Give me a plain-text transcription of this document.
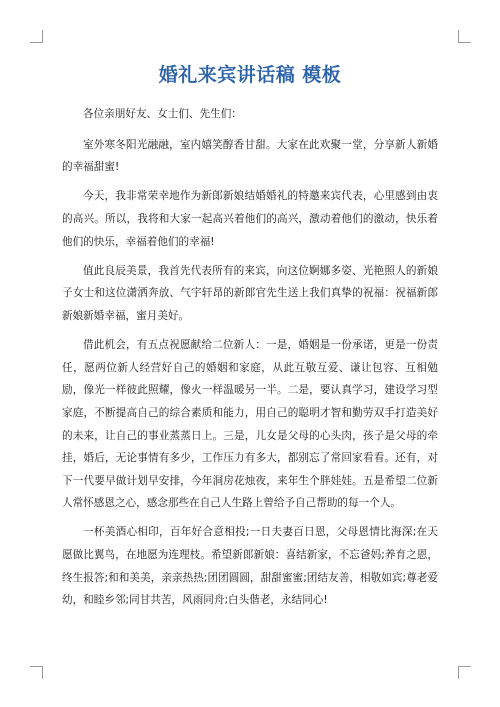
婚礼来宾讲话稿 模板

各位亲朋好友、女士们、先生们：

室外寒冬阳光融融，室内嬉笑醇香甘甜。大家在此欢聚一堂，分享新人新婚的幸福甜蜜!

今天，我非常荣幸地作为新郎新娘结婚婚礼的特邀来宾代表，心里感到由衷的高兴。所以，我将和大家一起高兴着他们的高兴，激动着他们的激动，快乐着他们的快乐，幸福着他们的幸福!

值此良辰美景，我首先代表所有的来宾，向这位婀娜多姿、光艳照人的新娘子女士和这位潇洒奔放、气宇轩昂的新郎官先生送上我们真挚的祝福：祝福新郎新娘新婚幸福，蜜月美好。

借此机会，有五点祝愿献给二位新人：一是，婚姻是一份承诺，更是一份责任，愿两位新人经营好自己的婚姻和家庭，从此互敬互爱、谦让包容、互相勉励，像光一样彼此照耀，像火一样温暖另一半。二是，要认真学习，建设学习型家庭，不断提高自己的综合素质和能力，用自己的聪明才智和勤劳双手打造美好的未来，让自己的事业蒸蒸日上。三是，儿女是父母的心头肉，孩子是父母的牵挂，婚后，无论事情有多少，工作压力有多大，都别忘了常回家看看。还有，对下一代要早做计划早安排，今年洞房花烛夜，来年生个胖娃娃。五是希望二位新人常怀感恩之心，感念那些在自己人生路上曾给予自己帮助的每一个人。

一杯美酒心相印，百年好合意相投;一日夫妻百日恩，父母恩情比海深;在天愿做比翼鸟，在地愿为连理枝。希望新郎新娘：喜结新家，不忘爸妈;养育之恩，终生报答;和和美美，亲亲热热;团团圆圆，甜甜蜜蜜;团结友善，相敬如宾;尊老爱幼，和睦乡邻;同甘共苦，风雨同舟;白头偕老，永结同心!
